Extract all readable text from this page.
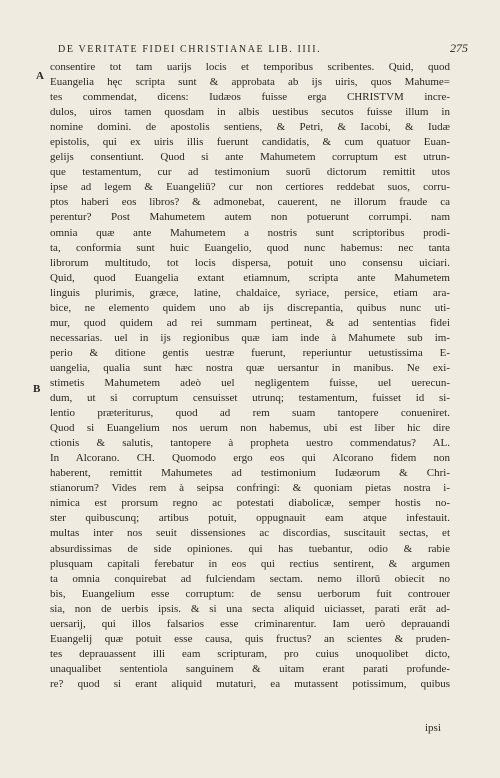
DE VERITATE FIDEI CHRISTIANAE LIB. IIII.	275
A
B
consentire tot tam uarijs locis et temporibus scribentes. Quid, quod
Euangelia hęc scripta sunt & approbata ab ijs uiris, quos Mahume=
tes commendat, dicens: Iudæos fuisse erga CHRISTVM incre-
dulos, uiros tamen quosdam in albis uestibus secutos fuisse illum in
nomine domini. de apostolis sentiens, & Petri, & Iacobi, & Iudæ
epistolis, qui ex uiris illis fuerunt candidatis, & cum quatuor Euan-
gelijs consentiunt. Quod si ante Mahumetem corruptum est utrun-
que testamentum, cur ad testimonium suorū dictorum remittit utos
ipse ad legem & Euangeliū? cur non certiores reddebat suos, corru-
ptos haberi eos libros? & admonebat, cauerent, ne illorum fraude ca
perentur? Post Mahumetem autem non potuerunt corrumpi. nam
omnia quæ ante Mahumetem a nostris sunt scriptoribus prodi-
ta, conformia sunt huic Euangelio, quod nunc habemus: nec tanta
librorum multitudo, tot locis dispersa, potuit uno consensu uiciari.
Quid, quod Euangelia extant etiamnum, scripta ante Mahumetem
linguis plurimis, græce, latine, chaldaice, syriace, persice, etiam ara-
bice, ne elemento quidem uno ab ijs discrepantia, quibus nunc uti-
mur, quod quidem ad rei summam pertineat, & ad sententias fidei
necessarias. uel in ijs regionibus quæ iam inde à Mahumete sub im-
perio & ditione gentis uestræ fuerunt, reperiuntur uetustissima E-
uangelia, qualia sunt hæc nostra quæ uersantur in manibus. Ne exi-
stimetis Mahumetem adeò uel negligentem fuisse, uel uerecun-
dum, ut si corruptum censuisset utrunq; testamentum, fuisset id si-
lentio præteriturus, quod ad rem suam tantopere conueniret.
Quod si Euangelium nos uerum non habemus, ubi est liber hic dire
ctionis & salutis, tantopere à propheta uestro commendatus? AL.
In Alcorano. CH. Quomodo ergo eos qui Alcorano fidem non
haberent, remittit Mahumetes ad testimonium Iudæorum & Chri-
stianorum? Vides rem à seipsa confringi: & quoniam pietas nostra i-
nimica est prorsum regno ac potestati diabolicæ, semper hostis no-
ster quibuscunq; artibus potuit, oppugnauit eam atque infestauit.
multas inter nos seuit dissensiones ac discordias, suscitauit sectas, et
absurdissimas de side opiniones. qui has tuebantur, odio & rabie
plusquam capitali ferebatur in eos qui rectius sentirent, & argumen
ta omnia conquirebat ad fulciendam sectam. nemo illorū obiecit no
bis, Euangelium esse corruptum: de sensu uerborum fuit controuer
sia, non de uerbis ipsis. & si una secta aliquid uiciasset, parati erāt ad-
uersarij, qui illos falsarios esse criminarentur. Iam uerò deprauandi
Euangelij quæ potuit esse causa, quis fructus? an scientes & pruden-
tes deprauassent illi eam scripturam, pro cuius unoquolibet dicto,
unaqualibet sententiola sanguinem & uitam erant parati profunde-
re? quod si erant aliquid mutaturi, ea mutassent potissimum, quibus
ipsi
